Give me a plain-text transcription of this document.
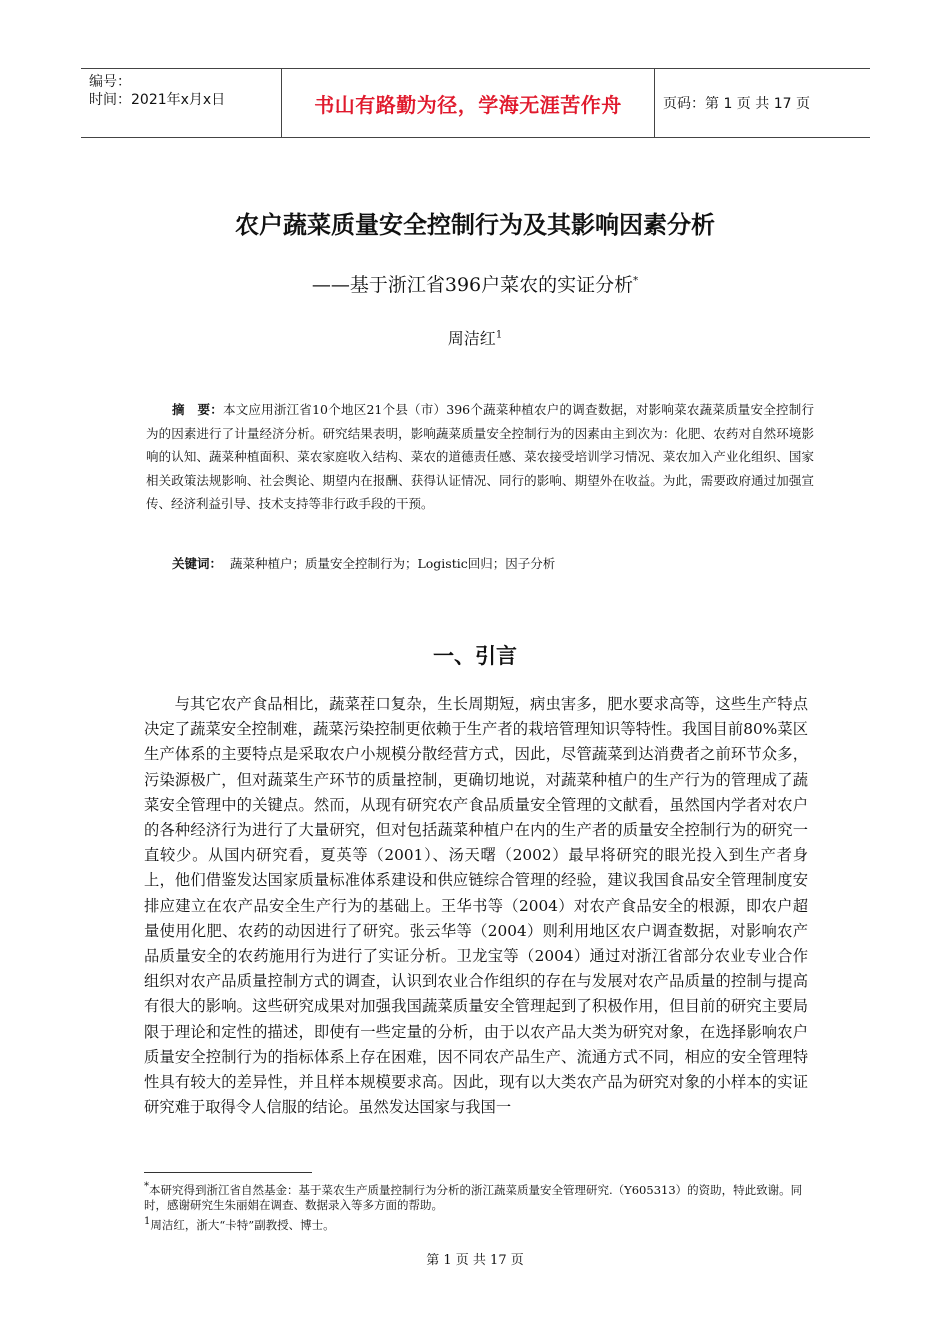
编号：
时间：2021年x月x日	书山有路勤为径，学海无涯苦作舟	页码：第 1 页 共 17 页
农户蔬菜质量安全控制行为及其影响因素分析
——基于浙江省396户菜农的实证分析*
周洁红$^1$
摘　要：本文应用浙江省10个地区21个县（市）396个蔬菜种植农户的调查数据，对影响菜农蔬菜质量安全控制行为的因素进行了计量经济分析。研究结果表明，影响蔬菜质量安全控制行为的因素由主到次为：化肥、农药对自然环境影响的认知、蔬菜种植面积、菜农家庭收入结构、菜农的道德责任感、菜农接受培训学习情况、菜农加入产业化组织、国家相关政策法规影响、社会舆论、期望内在报酬、获得认证情况、同行的影响、期望外在收益。为此，需要政府通过加强宣传、经济利益引导、技术支持等非行政手段的干预。
关键词： 蔬菜种植户；质量安全控制行为；Logistic回归；因子分析
一、引言
与其它农产食品相比，蔬菜茬口复杂，生长周期短，病虫害多，肥水要求高等，这些生产特点决定了蔬菜安全控制难，蔬菜污染控制更依赖于生产者的栽培管理知识等特性。我国目前80%菜区生产体系的主要特点是采取农户小规模分散经营方式，因此，尽管蔬菜到达消费者之前环节众多，污染源极广，但对蔬菜生产环节的质量控制，更确切地说，对蔬菜种植户的生产行为的管理成了蔬菜安全管理中的关键点。然而，从现有研究农产食品质量安全管理的文献看，虽然国内学者对农户的各种经济行为进行了大量研究，但对包括蔬菜种植户在内的生产者的质量安全控制行为的研究一直较少。从国内研究看，夏英等（2001）、汤天曙（2002）最早将研究的眼光投入到生产者身上，他们借鉴发达国家质量标准体系建设和供应链综合管理的经验，建议我国食品安全管理制度安排应建立在农产品安全生产行为的基础上。王华书等（2004）对农产食品安全的根源，即农户超量使用化肥、农药的动因进行了研究。张云华等（2004）则利用地区农户调查数据，对影响农产品质量安全的农药施用行为进行了实证分析。卫龙宝等（2004）通过对浙江省部分农业专业合作组织对农产品质量控制方式的调查，认识到农业合作组织的存在与发展对农产品质量的控制与提高有很大的影响。这些研究成果对加强我国蔬菜质量安全管理起到了积极作用，但目前的研究主要局限于理论和定性的描述，即使有一些定量的分析，由于以农产品大类为研究对象，在选择影响农户质量安全控制行为的指标体系上存在困难，因不同农产品生产、流通方式不同，相应的安全管理特性具有较大的差异性，并且样本规模要求高。因此，现有以大类农产品为研究对象的小样本的实证研究难于取得令人信服的结论。虽然发达国家与我国一
*本研究得到浙江省自然基金：基于菜农生产质量控制行为分析的浙江蔬菜质量安全管理研究.（Y605313）的资助，特此致谢。同时，感谢研究生朱丽娟在调查、数据录入等多方面的帮助。
$^1$周洁红，浙大“卡特”副教授、博士。
第 1 页 共 17 页
